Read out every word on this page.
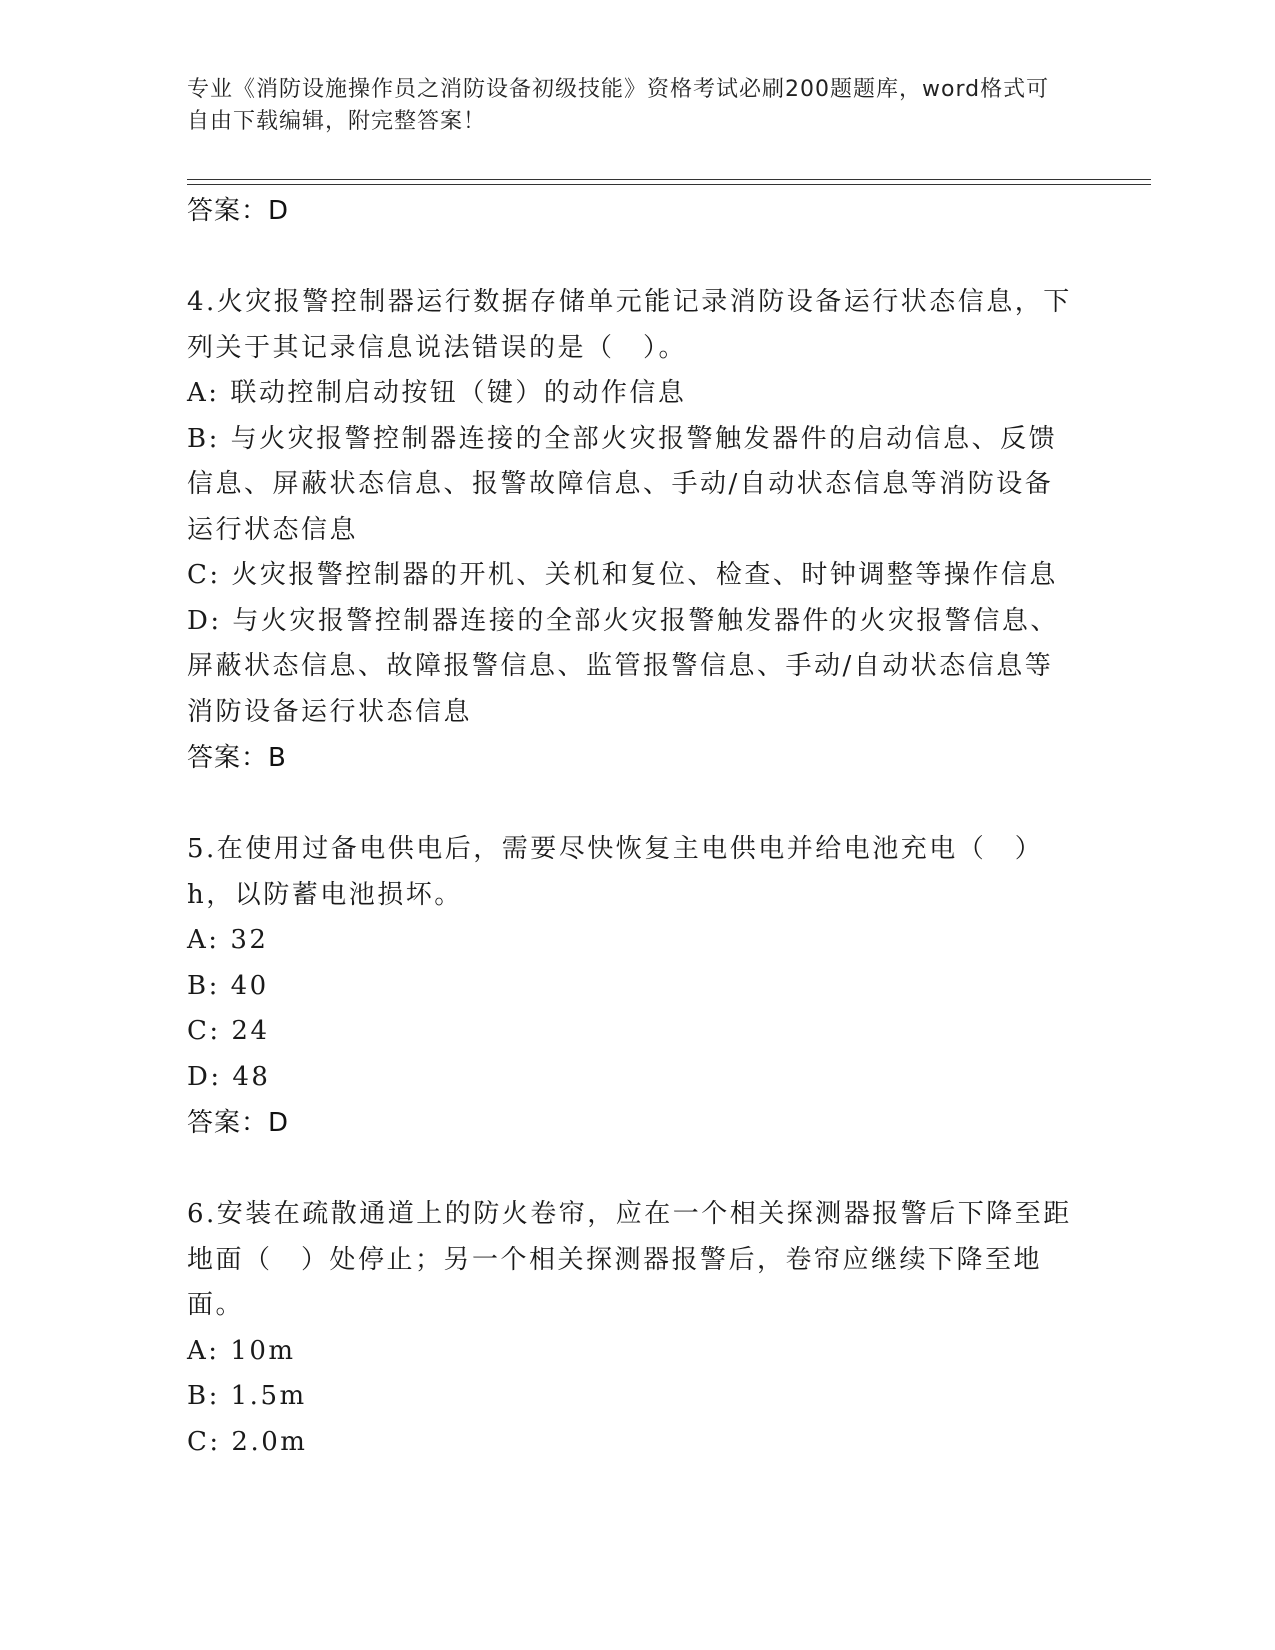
专业《消防设施操作员之消防设备初级技能》资格考试必刷200题题库，word格式可自由下载编辑，附完整答案！
答案：D
4.火灾报警控制器运行数据存储单元能记录消防设备运行状态信息，下列关于其记录信息说法错误的是（　）。
A: 联动控制启动按钮（键）的动作信息
B: 与火灾报警控制器连接的全部火灾报警触发器件的启动信息、反馈信息、屏蔽状态信息、报警故障信息、手动/自动状态信息等消防设备运行状态信息
C: 火灾报警控制器的开机、关机和复位、检查、时钟调整等操作信息
D: 与火灾报警控制器连接的全部火灾报警触发器件的火灾报警信息、屏蔽状态信息、故障报警信息、监管报警信息、手动/自动状态信息等消防设备运行状态信息
答案：B
5.在使用过备电供电后，需要尽快恢复主电供电并给电池充电（　）h，以防蓄电池损坏。
A: 32
B: 40
C: 24
D: 48
答案：D
6.安装在疏散通道上的防火卷帘，应在一个相关探测器报警后下降至距地面（　）处停止；另一个相关探测器报警后，卷帘应继续下降至地面。
A: 10m
B: 1.5m
C: 2.0m
